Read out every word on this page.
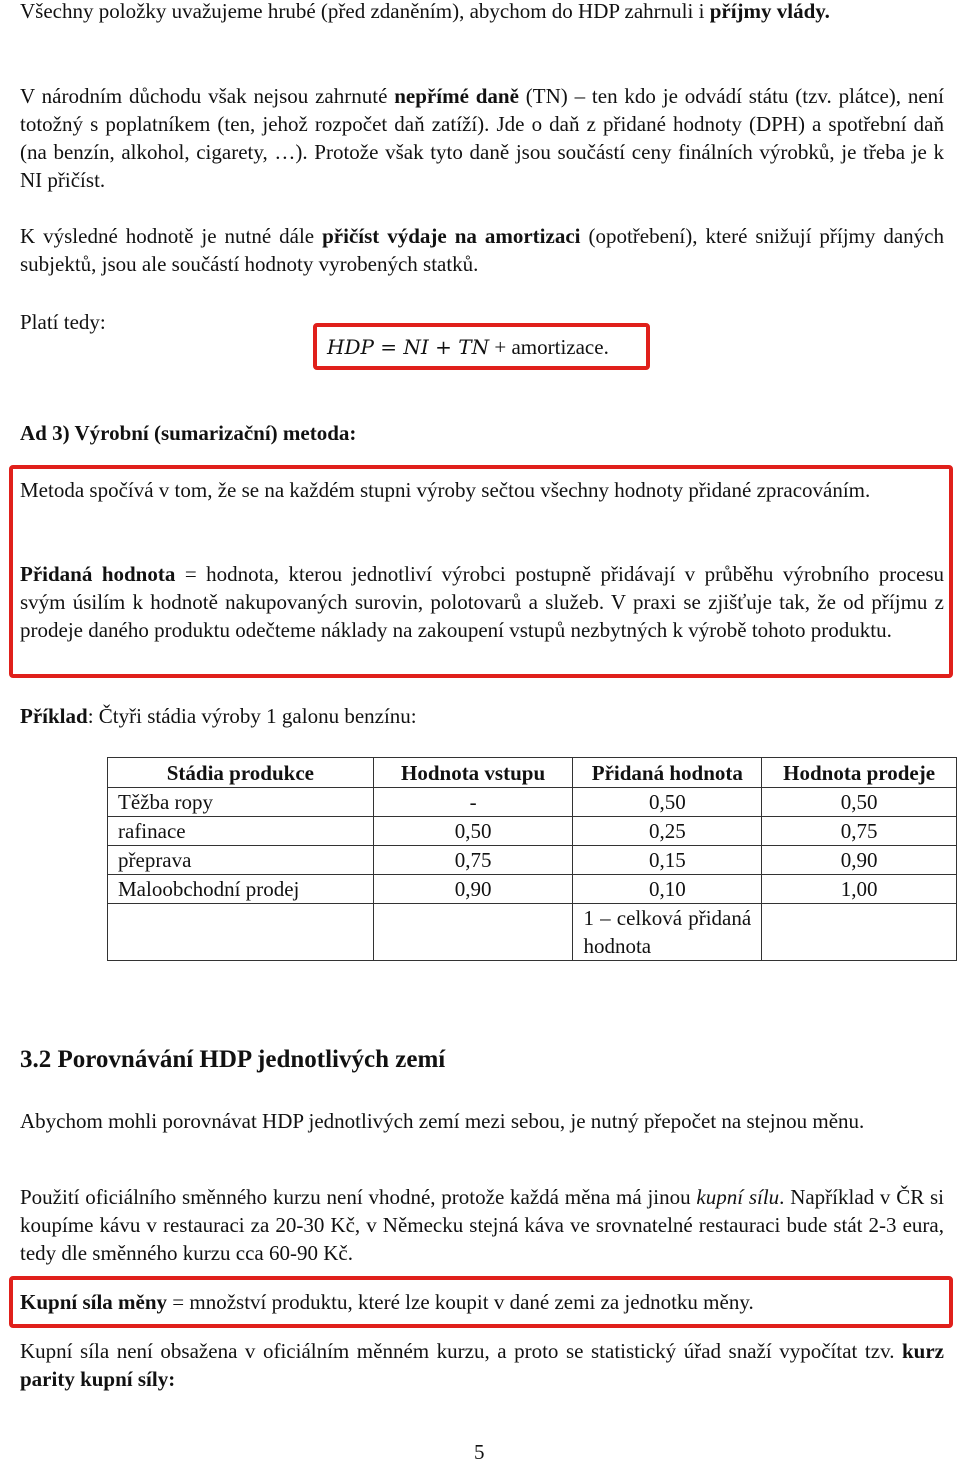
Všechny položky uvažujeme hrubé (před zdaněním), abychom do HDP zahrnuli i příjmy vlády.
V národním důchodu však nejsou zahrnuté nepřímé daně (TN) – ten kdo je odvádí státu (tzv. plátce), není totožný s poplatníkem (ten, jehož rozpočet daň zatíží). Jde o daň z přidané hodnoty (DPH) a spotřební daň (na benzín, alkohol, cigarety, …). Protože však tyto daně jsou součástí ceny finálních výrobků, je třeba je k NI přičíst.
K výsledné hodnotě je nutné dále přičíst výdaje na amortizaci (opotřebení), které snižují příjmy daných subjektů, jsou ale součástí hodnoty vyrobených statků.
Platí tedy:
HDP = NI + TN + amortizace.
Ad 3) Výrobní (sumarizační) metoda:
Metoda spočívá v tom, že se na každém stupni výroby sečtou všechny hodnoty přidané zpracováním.
Přidaná hodnota = hodnota, kterou jednotliví výrobci postupně přidávají v průběhu výrobního procesu svým úsilím k hodnotě nakupovaných surovin, polotovarů a služeb. V praxi se zjišťuje tak, že od příjmu z prodeje daného produktu odečteme náklady na zakoupení vstupů nezbytných k výrobě tohoto produktu.
Příklad: Čtyři stádia výroby 1 galonu benzínu:
Stádia produkce	Hodnota vstupu	Přidaná hodnota	Hodnota prodeje
Těžba ropy	-	0,50	0,50
rafinace	0,50	0,25	0,75
přeprava	0,75	0,15	0,90
Maloobchodní prodej	0,90	0,10	1,00
		1 – celková přidaná hodnota	
3.2 Porovnávání HDP jednotlivých zemí
Abychom mohli porovnávat HDP jednotlivých zemí mezi sebou, je nutný přepočet na stejnou měnu.
Použití oficiálního směnného kurzu není vhodné, protože každá měna má jinou kupní sílu. Například v ČR si koupíme kávu v restauraci za 20-30 Kč, v Německu stejná káva ve srovnatelné restauraci bude stát 2-3 eura, tedy dle směnného kurzu cca 60-90 Kč.
Kupní síla měny = množství produktu, které lze koupit v dané zemi za jednotku měny.
Kupní síla není obsažena v oficiálním měnném kurzu, a proto se statistický úřad snaží vypočítat tzv. kurz parity kupní síly:
5
